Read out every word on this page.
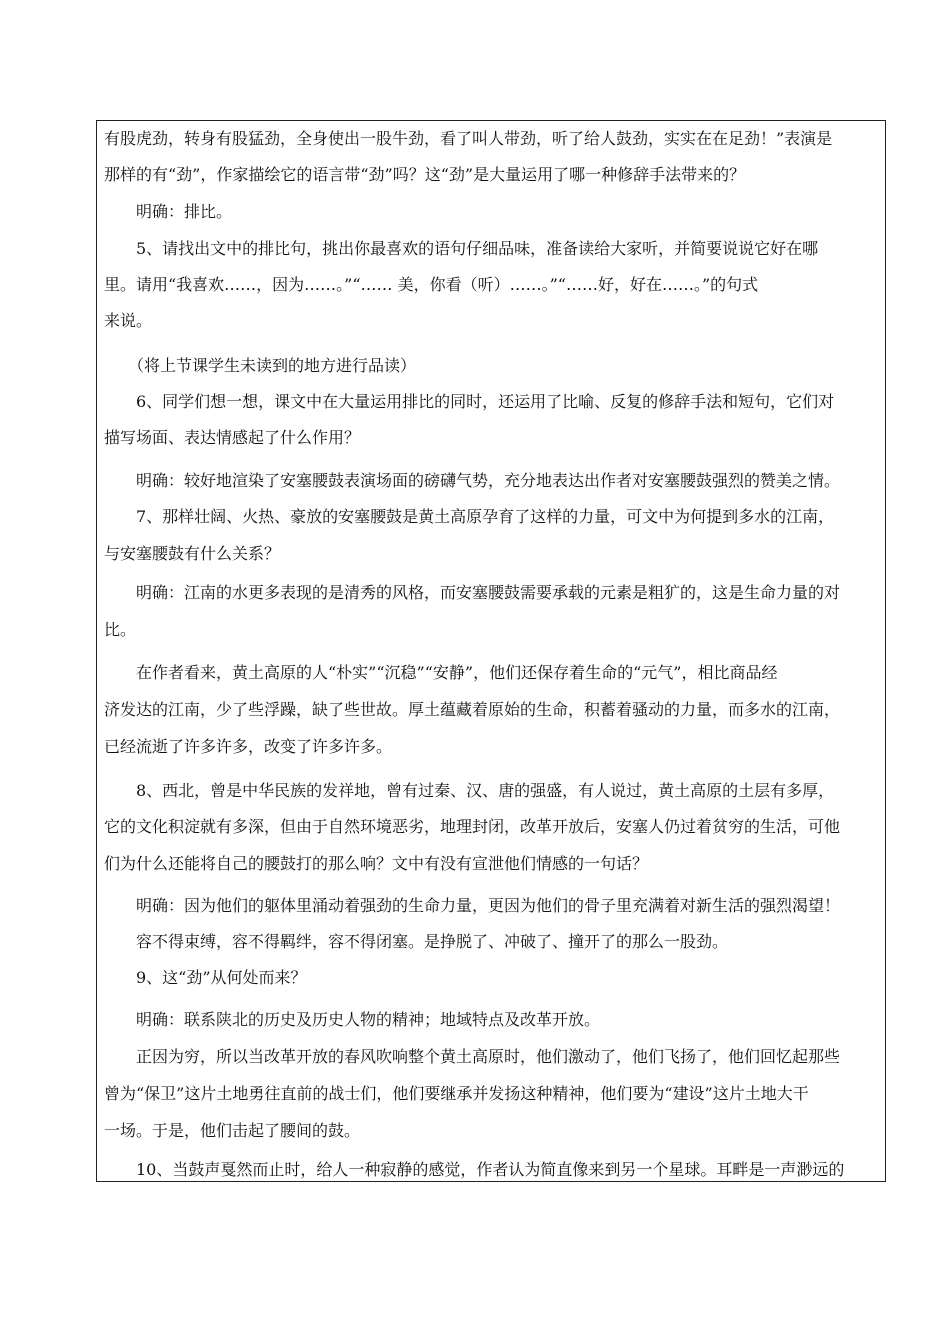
有股虎劲，转身有股猛劲，全身使出一股牛劲，看了叫人带劲，听了给人鼓劲，实实在在足劲！”表演是

那样的有“劲”，作家描绘它的语言带“劲”吗？这“劲”是大量运用了哪一种修辞手法带来的？

　　明确：排比。

　　5、请找出文中的排比句，挑出你最喜欢的语句仔细品味，准备读给大家听，并简要说说它好在哪

里。请用“我喜欢……，因为……。”“…… 美，你看（听）……。”“……好，好在……。”的句式

来说。

　　（将上节课学生未读到的地方进行品读）

　　6、同学们想一想，课文中在大量运用排比的同时，还运用了比喻、反复的修辞手法和短句，它们对

描写场面、表达情感起了什么作用？

　　明确：较好地渲染了安塞腰鼓表演场面的磅礴气势，充分地表达出作者对安塞腰鼓强烈的赞美之情。

　　7、那样壮阔、火热、豪放的安塞腰鼓是黄土高原孕育了这样的力量，可文中为何提到多水的江南，

与安塞腰鼓有什么关系？

　　明确：江南的水更多表现的是清秀的风格，而安塞腰鼓需要承载的元素是粗犷的，这是生命力量的对

比。

　　在作者看来，黄土高原的人“朴实”“沉稳”“安静”，他们还保存着生命的“元气”，相比商品经

济发达的江南，少了些浮躁，缺了些世故。厚土蕴藏着原始的生命，积蓄着骚动的力量，而多水的江南，

已经流逝了许多许多，改变了许多许多。

　　8、西北，曾是中华民族的发祥地，曾有过秦、汉、唐的强盛，有人说过，黄土高原的土层有多厚，

它的文化积淀就有多深，但由于自然环境恶劣，地理封闭，改革开放后，安塞人仍过着贫穷的生活，可他

们为什么还能将自己的腰鼓打的那么响？文中有没有宣泄他们情感的一句话？

　　明确：因为他们的躯体里涌动着强劲的生命力量，更因为他们的骨子里充满着对新生活的强烈渴望！

　　容不得束缚，容不得羁绊，容不得闭塞。是挣脱了、冲破了、撞开了的那么一股劲。

　　9、这“劲”从何处而来？

　　明确：联系陕北的历史及历史人物的精神；地域特点及改革开放。

　　正因为穷，所以当改革开放的春风吹响整个黄土高原时，他们激动了，他们飞扬了，他们回忆起那些

曾为“保卫”这片土地勇往直前的战士们，他们要继承并发扬这种精神，他们要为“建设”这片土地大干

一场。于是，他们击起了腰间的鼓。

　　10、当鼓声戛然而止时，给人一种寂静的感觉，作者认为简直像来到另一个星球。耳畔是一声渺远的
